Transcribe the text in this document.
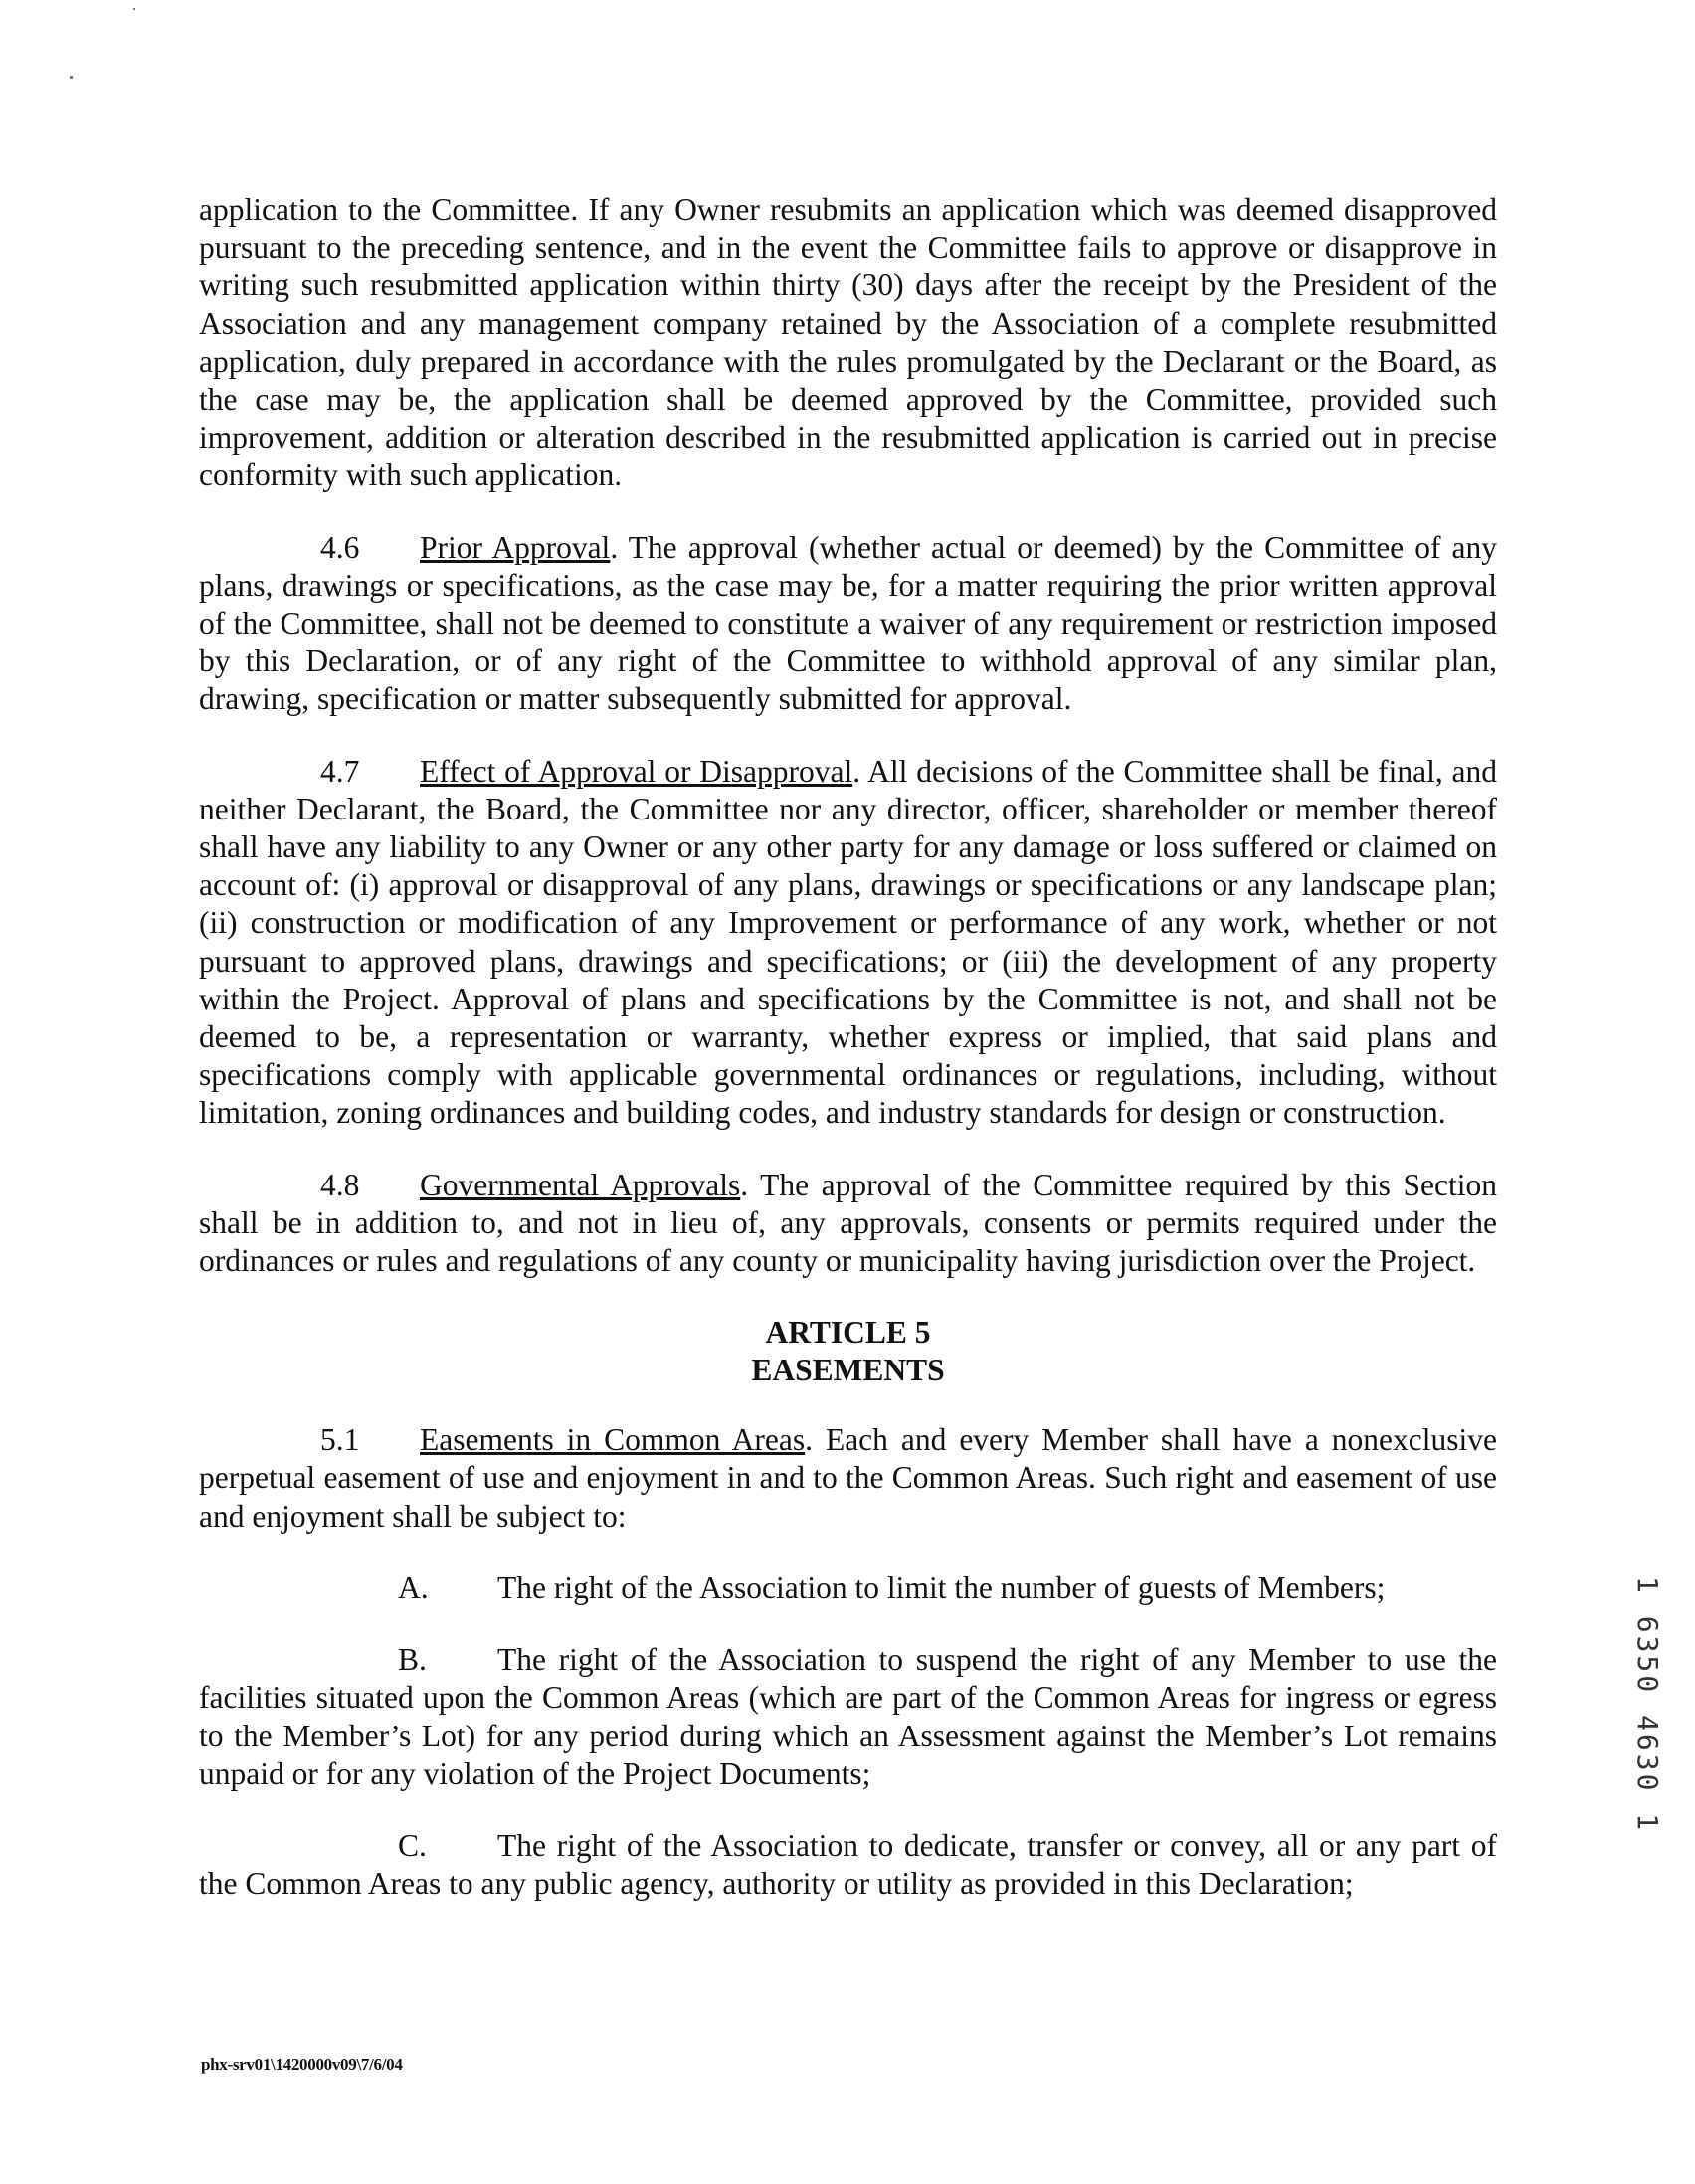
application to the Committee. If any Owner resubmits an application which was deemed disapproved pursuant to the preceding sentence, and in the event the Committee fails to approve or disapprove in writing such resubmitted application within thirty (30) days after the receipt by the President of the Association and any management company retained by the Association of a complete resubmitted application, duly prepared in accordance with the rules promulgated by the Declarant or the Board, as the case may be, the application shall be deemed approved by the Committee, provided such improvement, addition or alteration described in the resubmitted application is carried out in precise conformity with such application.

4.6 Prior Approval. The approval (whether actual or deemed) by the Committee of any plans, drawings or specifications, as the case may be, for a matter requiring the prior written approval of the Committee, shall not be deemed to constitute a waiver of any requirement or restriction imposed by this Declaration, or of any right of the Committee to withhold approval of any similar plan, drawing, specification or matter subsequently submitted for approval.

4.7 Effect of Approval or Disapproval. All decisions of the Committee shall be final, and neither Declarant, the Board, the Committee nor any director, officer, shareholder or member thereof shall have any liability to any Owner or any other party for any damage or loss suffered or claimed on account of: (i) approval or disapproval of any plans, drawings or specifications or any landscape plan; (ii) construction or modification of any Improvement or performance of any work, whether or not pursuant to approved plans, drawings and specifications; or (iii) the development of any property within the Project. Approval of plans and specifications by the Committee is not, and shall not be deemed to be, a representation or warranty, whether express or implied, that said plans and specifications comply with applicable governmental ordinances or regulations, including, without limitation, zoning ordinances and building codes, and industry standards for design or construction.

4.8 Governmental Approvals. The approval of the Committee required by this Section shall be in addition to, and not in lieu of, any approvals, consents or permits required under the ordinances or rules and regulations of any county or municipality having jurisdiction over the Project.

ARTICLE 5
EASEMENTS

5.1 Easements in Common Areas. Each and every Member shall have a nonexclusive perpetual easement of use and enjoyment in and to the Common Areas. Such right and easement of use and enjoyment shall be subject to:

A. The right of the Association to limit the number of guests of Members;

B. The right of the Association to suspend the right of any Member to use the facilities situated upon the Common Areas (which are part of the Common Areas for ingress or egress to the Member’s Lot) for any period during which an Assessment against the Member’s Lot remains unpaid or for any violation of the Project Documents;

C. The right of the Association to dedicate, transfer or convey, all or any part of the Common Areas to any public agency, authority or utility as provided in this Declaration;

1 6350 4630 1
phx-srv01\1420000v09\7/6/04
